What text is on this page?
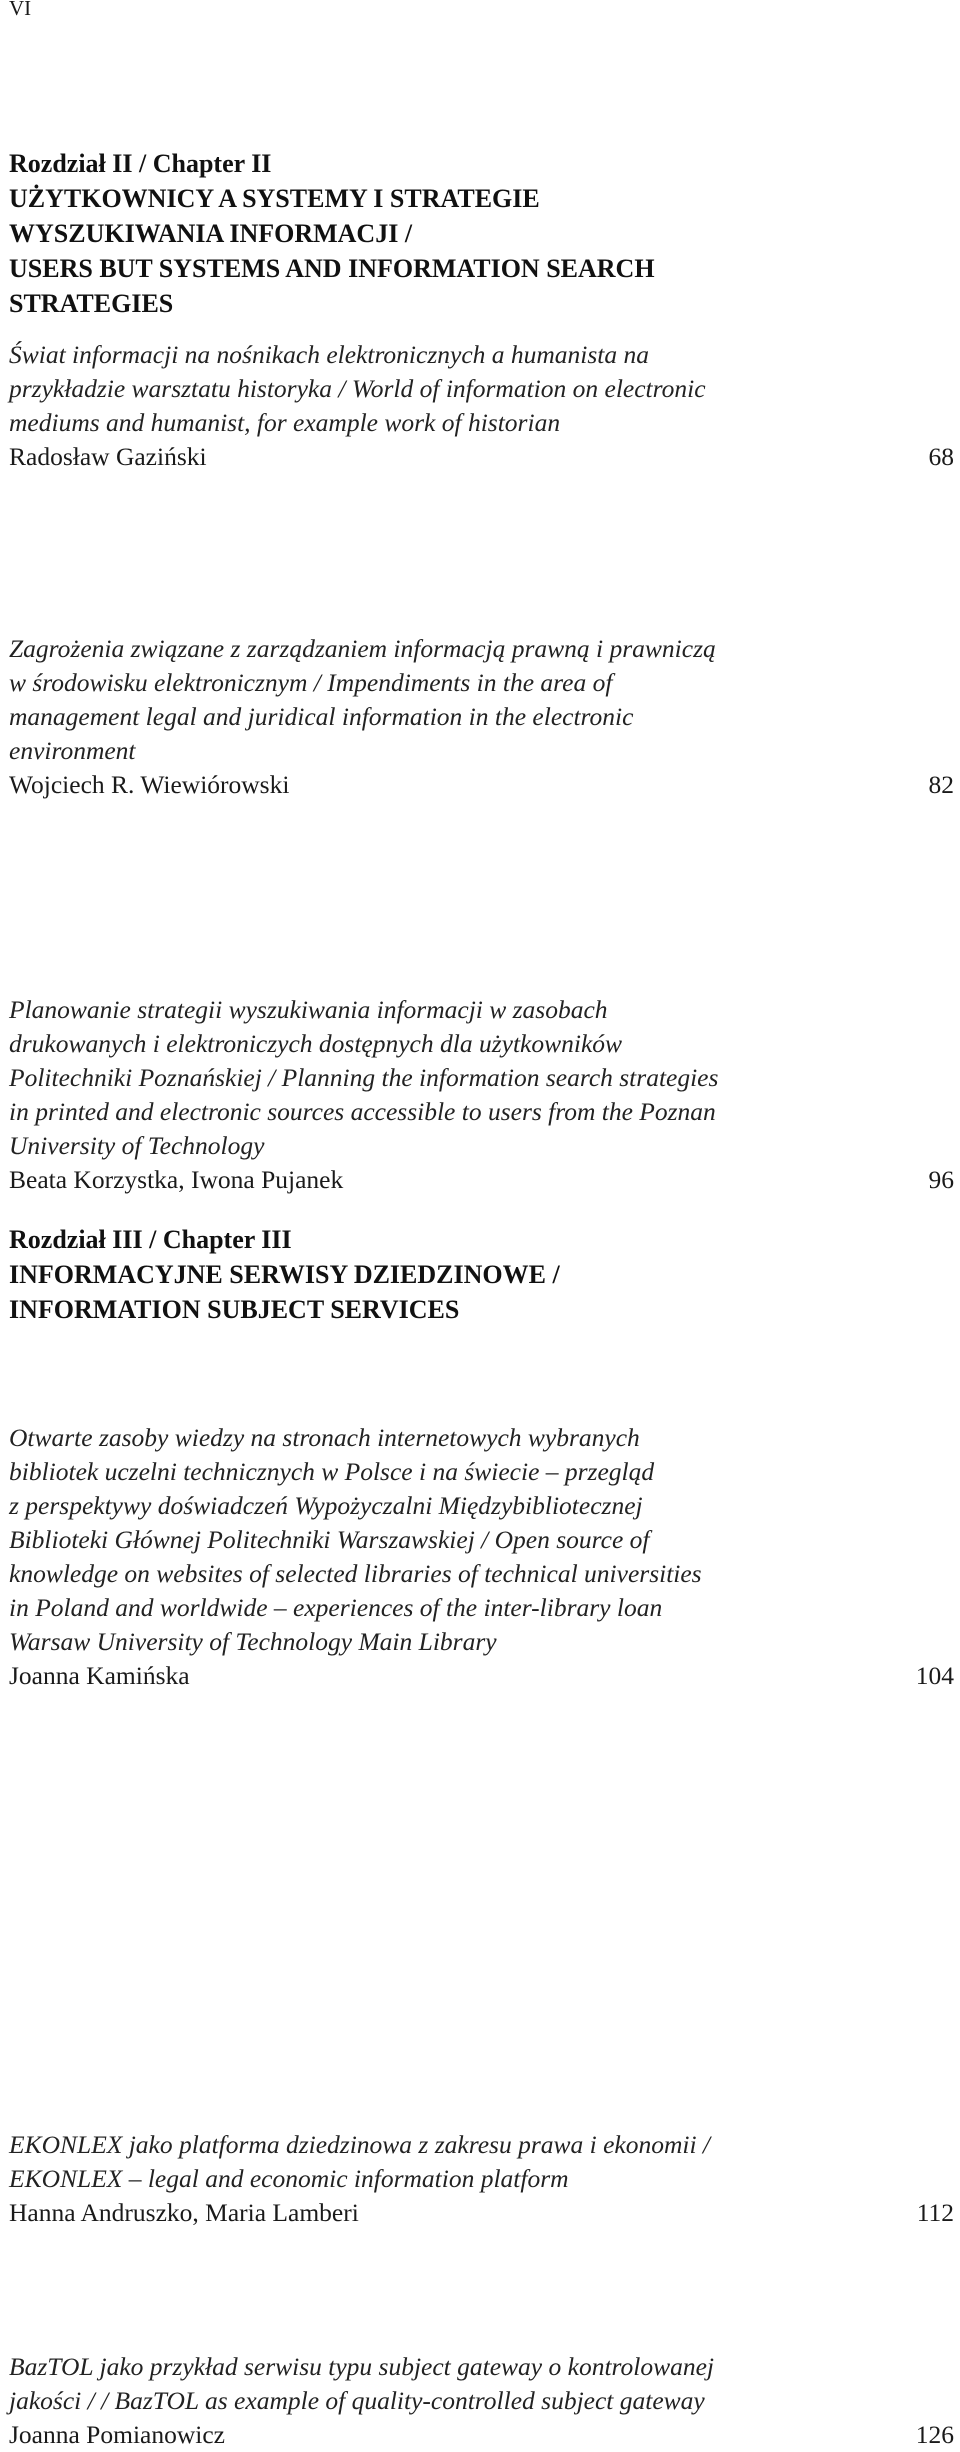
VI
Rozdział II / Chapter II
UŻYTKOWNICY A SYSTEMY I STRATEGIE
WYSZUKIWANIA INFORMACJI /
USERS BUT SYSTEMS AND INFORMATION SEARCH
STRATEGIES
Świat informacji na nośnikach elektronicznych a humanista na
przykładzie warsztatu historyka / World of information on electronic
mediums and humanist, for example work of historian
Radosław Gaziński	68
Zagrożenia związane z zarządzaniem informacją prawną i prawniczą
w środowisku elektronicznym / Impendiments in the area of
management legal and juridical information in the electronic
environment
Wojciech R. Wiewiórowski	82
Planowanie strategii wyszukiwania informacji w zasobach
drukowanych i elektroniczych dostępnych dla użytkowników
Politechniki Poznańskiej / Planning the information search strategies
in printed and electronic sources accessible to users from the Poznan
University of Technology
Beata Korzystka, Iwona Pujanek	96
Otwarte zasoby wiedzy na stronach internetowych wybranych
bibliotek uczelni technicznych w Polsce i na świecie – przegląd
z perspektywy doświadczeń Wypożyczalni Międzybibliotecznej
Biblioteki Głównej Politechniki Warszawskiej / Open source of
knowledge on websites of selected libraries of technical universities
in Poland and worldwide – experiences of the inter-library loan
Warsaw University of Technology Main Library
Joanna Kamińska	104
Rozdział III / Chapter III
INFORMACYJNE SERWISY DZIEDZINOWE /
INFORMATION SUBJECT SERVICES
EKONLEX jako platforma dziedzinowa z zakresu prawa i ekonomii /
EKONLEX – legal and economic information platform
Hanna Andruszko, Maria Lamberi	112
BazTOL jako przykład serwisu typu subject gateway o kontrolowanej
jakości / / BazTOL as example of quality-controlled subject gateway
Joanna Pomianowicz	126
